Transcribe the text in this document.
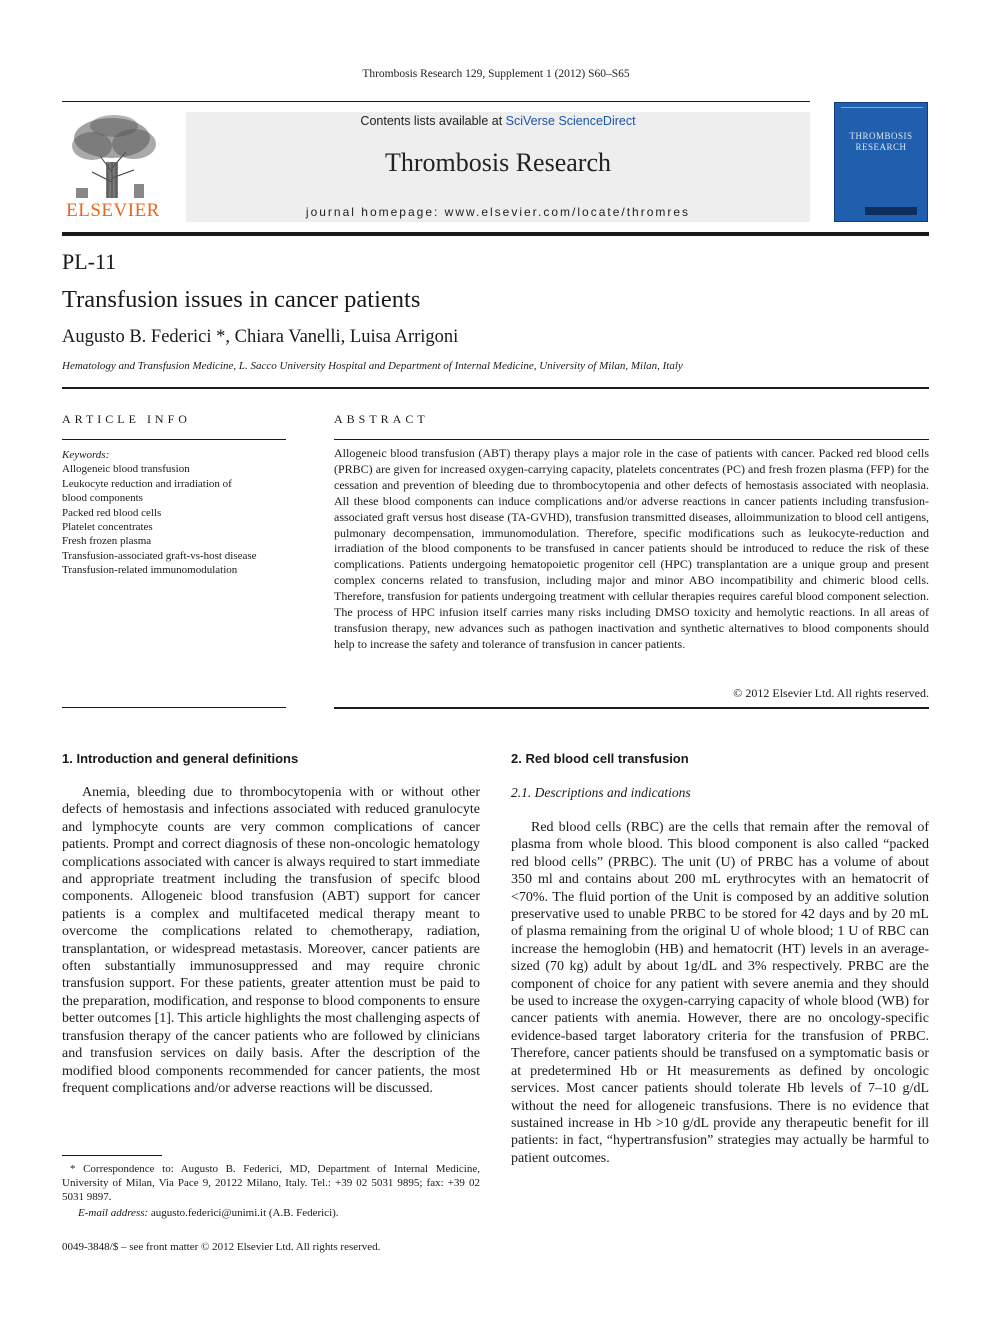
Thrombosis Research 129, Supplement 1 (2012) S60–S65
ELSEVIER
Contents lists available at SciVerse ScienceDirect
Thrombosis Research
journal homepage: www.elsevier.com/locate/thromres
THROMBOSIS
RESEARCH
PL-11
Transfusion issues in cancer patients
Augusto B. Federici *, Chiara Vanelli, Luisa Arrigoni
Hematology and Transfusion Medicine, L. Sacco University Hospital and Department of Internal Medicine, University of Milan, Milan, Italy
ARTICLE INFO
Keywords:
Allogeneic blood transfusion
Leukocyte reduction and irradiation of
blood components
Packed red blood cells
Platelet concentrates
Fresh frozen plasma
Transfusion-associated graft-vs-host disease
Transfusion-related immunomodulation
ABSTRACT
Allogeneic blood transfusion (ABT) therapy plays a major role in the case of patients with cancer. Packed red blood cells (PRBC) are given for increased oxygen-carrying capacity, platelets concentrates (PC) and fresh frozen plasma (FFP) for the cessation and prevention of bleeding due to thrombocytopenia and other defects of hemostasis associated with neoplasia. All these blood components can induce complications and/or adverse reactions in cancer patients including transfusion-associated graft versus host disease (TA-GVHD), transfusion transmitted diseases, alloimmunization to blood cell antigens, pulmonary decompensation, immunomodulation. Therefore, specific modifications such as leukocyte-reduction and irradiation of the blood components to be transfused in cancer patients should be introduced to reduce the risk of these complications. Patients undergoing hematopoietic progenitor cell (HPC) transplantation are a unique group and present complex concerns related to transfusion, including major and minor ABO incompatibility and chimeric blood cells. Therefore, transfusion for patients undergoing treatment with cellular therapies requires careful blood component selection. The process of HPC infusion itself carries many risks including DMSO toxicity and hemolytic reactions. In all areas of transfusion therapy, new advances such as pathogen inactivation and synthetic alternatives to blood components should help to increase the safety and tolerance of transfusion in cancer patients.
© 2012 Elsevier Ltd. All rights reserved.
1. Introduction and general definitions

Anemia, bleeding due to thrombocytopenia with or without other defects of hemostasis and infections associated with reduced granulocyte and lymphocyte counts are very common complications of cancer patients. Prompt and correct diagnosis of these non-oncologic hematology complications associated with cancer is always required to start immediate and appropriate treatment including the transfusion of specifc blood components. Allogeneic blood transfusion (ABT) support for cancer patients is a complex and multifaceted medical therapy meant to overcome the complications related to chemotherapy, radiation, transplantation, or widespread metastasis. Moreover, cancer patients are often substantially immunosuppressed and may require chronic transfusion support. For these patients, greater attention must be paid to the preparation, modification, and response to blood components to ensure better outcomes [1]. This article highlights the most challenging aspects of transfusion therapy of the cancer patients who are followed by clinicians and transfusion services on daily basis. After the description of the modified blood components recommended for cancer patients, the most frequent complications and/or adverse reactions will be discussed.

2. Red blood cell transfusion
2.1. Descriptions and indications

Red blood cells (RBC) are the cells that remain after the removal of plasma from whole blood. This blood component is also called “packed red blood cells” (PRBC). The unit (U) of PRBC has a volume of about 350 ml and contains about 200 mL erythrocytes with an hematocrit of <70%. The fluid portion of the Unit is composed by an additive solution preservative used to unable PRBC to be stored for 42 days and by 20 mL of plasma remaining from the original U of whole blood; 1 U of RBC can increase the hemoglobin (HB) and hematocrit (HT) levels in an average-sized (70 kg) adult by about 1g/dL and 3% respectively. PRBC are the component of choice for any patient with severe anemia and they should be used to increase the oxygen-carrying capacity of whole blood (WB) for cancer patients with anemia. However, there are no oncology-specific evidence-based target laboratory criteria for the transfusion of PRBC. Therefore, cancer patients should be transfused on a symptomatic basis or at predetermined Hb or Ht measurements as defined by oncologic services. Most cancer patients should tolerate Hb levels of 7–10 g/dL without the need for allogeneic transfusions. There is no evidence that sustained increase in Hb >10 g/dL provide any therapeutic benefit for ill patients: in fact, “hypertransfusion” strategies may actually be harmful to patient outcomes.

* Correspondence to: Augusto B. Federici, MD, Department of Internal Medicine, University of Milan, Via Pace 9, 20122 Milano, Italy. Tel.: +39 02 5031 9895; fax: +39 02 5031 9897.

E-mail address: augusto.federici@unimi.it (A.B. Federici).

0049-3848/$ – see front matter © 2012 Elsevier Ltd. All rights reserved.
